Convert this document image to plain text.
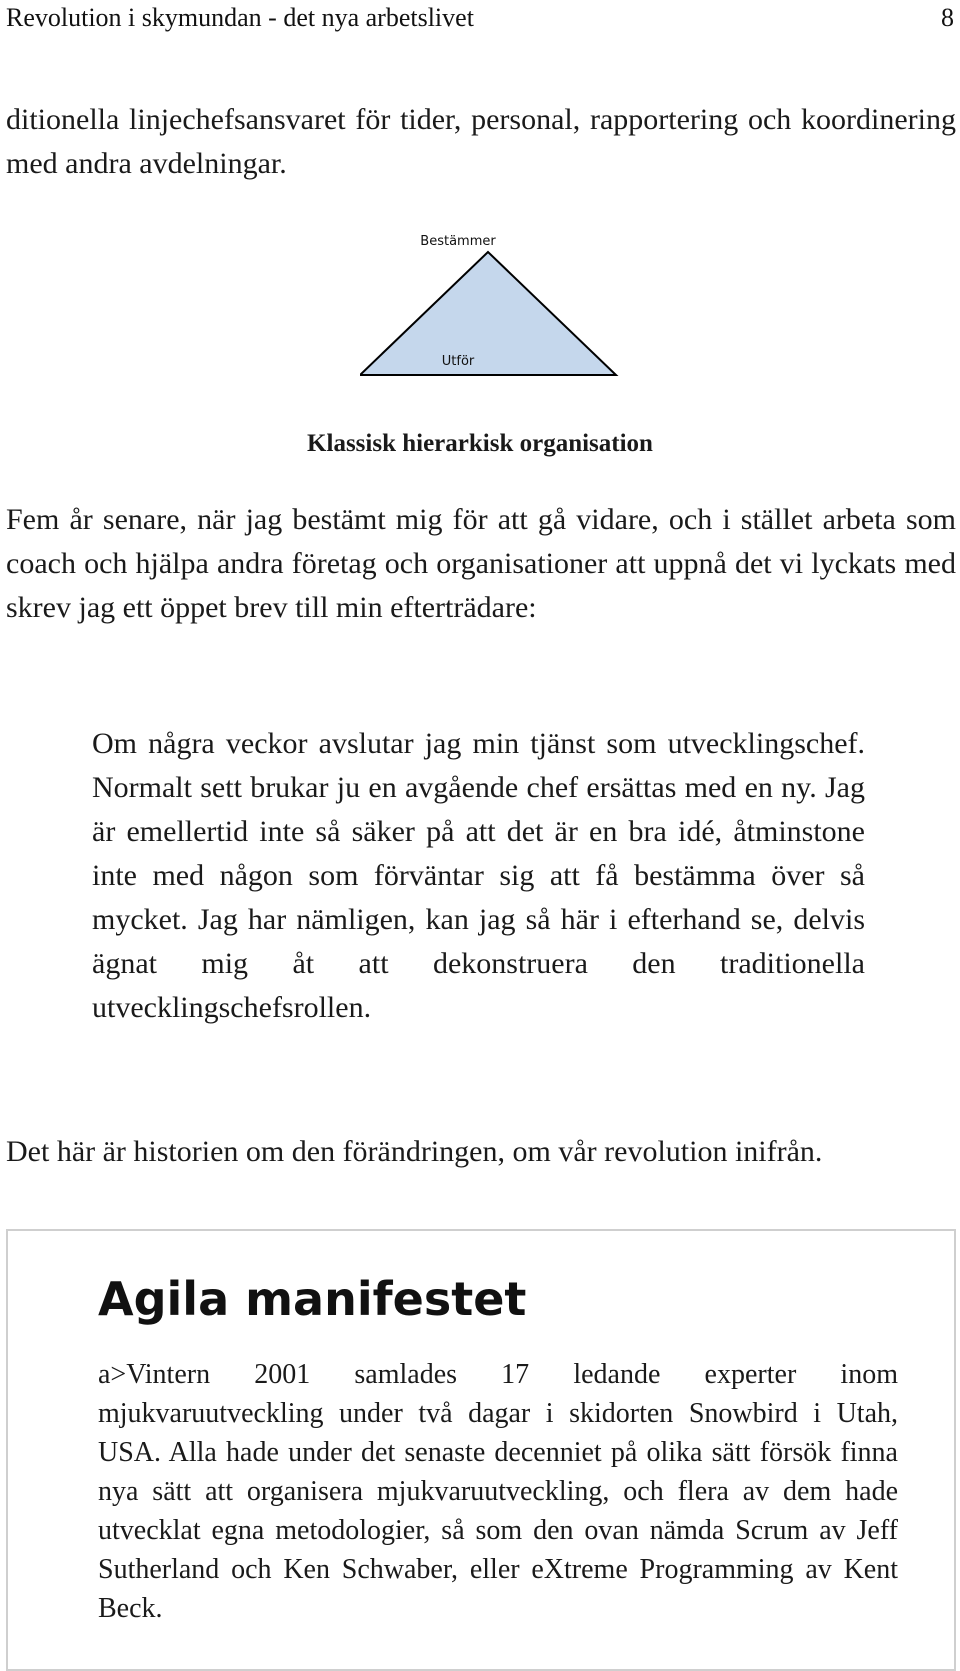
Revolution i skymundan - det nya arbetslivet	8

ditionella linjechefsansvaret för tider, personal, rapportering och koordinering med andra avdelningar.

Bestämmer
Utför
Klassisk hierarkisk organisation

Fem år senare, när jag bestämt mig för att gå vidare, och i stället arbeta som coach och hjälpa andra företag och organisationer att uppnå det vi lyckats med skrev jag ett öppet brev till min efterträdare:

Om några veckor avslutar jag min tjänst som utvecklingschef. Normalt sett brukar ju en avgående chef ersättas med en ny. Jag är emellertid inte så säker på att det är en bra idé, åtminstone inte med någon som förväntar sig att få bestämma över så mycket. Jag har nämligen, kan jag så här i efterhand se, delvis ägnat mig åt att dekonstruera den traditionella utvecklingschefsrollen.

Det här är historien om den förändringen, om vår revolution inifrån.

Agila manifestet

a>Vintern 2001 samlades 17 ledande experter inom mjukvaruutveckling under två dagar i skidorten Snowbird i Utah, USA. Alla hade under det senaste decenniet på olika sätt försök finna nya sätt att organisera mjukvaruutveckling, och flera av dem hade utvecklat egna metodologier, så som den ovan nämda Scrum av Jeff Sutherland och Ken Schwaber, eller eXtreme Programming av Kent Beck.
